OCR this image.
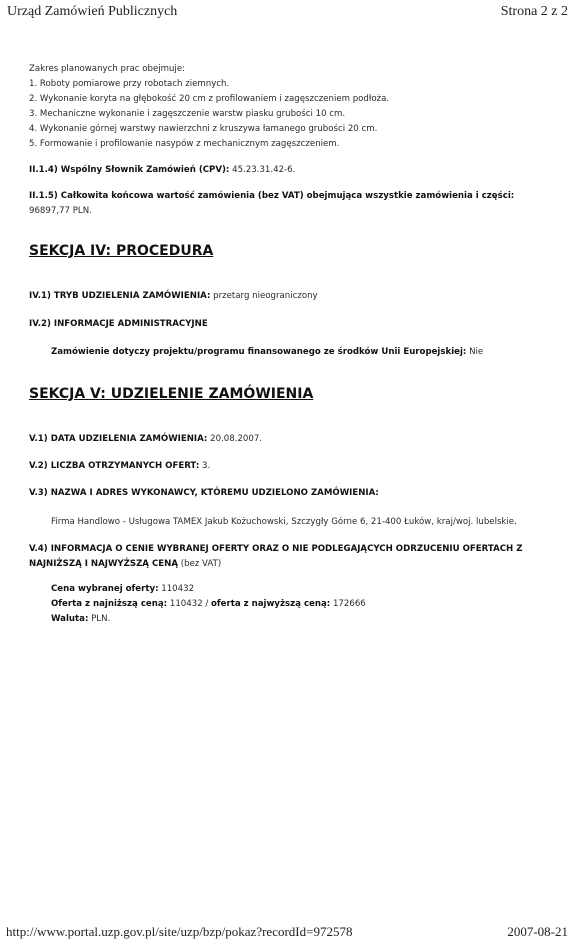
Urząd Zamówień Publicznych	Strona 2 z 2

Zakres planowanych prac obejmuje:

1. Roboty pomiarowe przy robotach ziemnych.

2. Wykonanie koryta na głębokość 20 cm z profilowaniem i zagęszczeniem podłoża.

3. Mechaniczne wykonanie i zagęszczenie warstw piasku grubości 10 cm.

4. Wykonanie górnej warstwy nawierzchni z kruszywa łamanego grubości 20 cm.

5. Formowanie i profilowanie nasypów z mechanicznym zagęszczeniem.

II.1.4) Wspólny Słownik Zamówień (CPV): 45.23.31.42-6.

II.1.5) Całkowita końcowa wartość zamówienia (bez VAT) obejmująca wszystkie zamówienia i części: 96897,77 PLN.

SEKCJA IV: PROCEDURA

IV.1) TRYB UDZIELENIA ZAMÓWIENIA: przetarg nieograniczony

IV.2) INFORMACJE ADMINISTRACYJNE

Zamówienie dotyczy projektu/programu finansowanego ze środków Unii Europejskiej: Nie

SEKCJA V: UDZIELENIE ZAMÓWIENIA

V.1) DATA UDZIELENIA ZAMÓWIENIA: 20.08.2007.

V.2) LICZBA OTRZYMANYCH OFERT: 3.

V.3) NAZWA I ADRES WYKONAWCY, KTÓREMU UDZIELONO ZAMÓWIENIA:

Firma Handlowo - Usługowa TAMEX Jakub Kożuchowski, Szczygły Górne 6, 21-400 Łuków, kraj/woj. lubelskie.

V.4) INFORMACJA O CENIE WYBRANEJ OFERTY ORAZ O NIE PODLEGAJĄCYCH ODRZUCENIU OFERTACH Z NAJNIŻSZĄ I NAJWYŻSZĄ CENĄ (bez VAT)

Cena wybranej oferty: 110432

Oferta z najniższą ceną: 110432 / oferta z najwyższą ceną: 172666

Waluta: PLN.

http://www.portal.uzp.gov.pl/site/uzp/bzp/pokaz?recordId=972578	2007-08-21
